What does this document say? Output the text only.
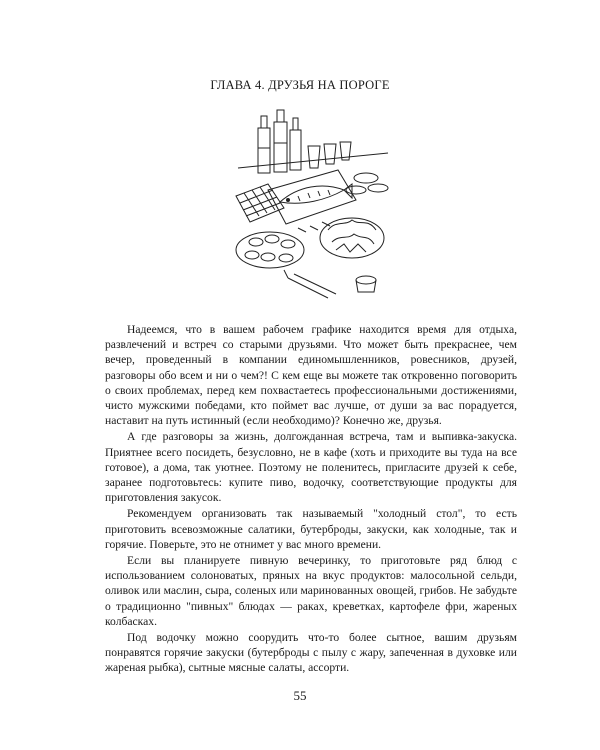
ГЛАВА 4. ДРУЗЬЯ НА ПОРОГЕ

Надеемся, что в вашем рабочем графике находится время для отдыха, развлечений и встреч со старыми друзьями. Что может быть прекраснее, чем вечер, проведенный в компании единомышленников, ровесников, друзей, разговоры обо всем и ни о чем?! С кем еще вы можете так откровенно поговорить о своих проблемах, перед кем похвастаетесь профессиональными достижениями, чисто мужскими победами, кто поймет вас лучше, от души за вас порадуется, наставит на путь истинный (если необходимо)? Конечно же, друзья.

А где разговоры за жизнь, долгожданная встреча, там и выпивка-закуска. Приятнее всего посидеть, безусловно, не в кафе (хоть и приходите вы туда на все готовое), а дома, так уютнее. Поэтому не поленитесь, пригласите друзей к себе, заранее подготовьтесь: купите пиво, водочку, соответствующие продукты для приготовления закусок.

Рекомендуем организовать так называемый "холодный стол", то есть приготовить всевозможные салатики, бутерброды, закуски, как холодные, так и горячие. Поверьте, это не отнимет у вас много времени.

Если вы планируете пивную вечеринку, то приготовьте ряд блюд с использованием солоноватых, пряных на вкус продуктов: малосольной сельди, оливок или маслин, сыра, соленых или маринованных овощей, грибов. Не забудьте о традиционно "пивных" блюдах — раках, креветках, картофеле фри, жареных колбасках.

Под водочку можно соорудить что-то более сытное, вашим друзьям понравятся горячие закуски (бутерброды с пылу с жару, запеченная в духовке или жареная рыбка), сытные мясные салаты, ассорти.

55
